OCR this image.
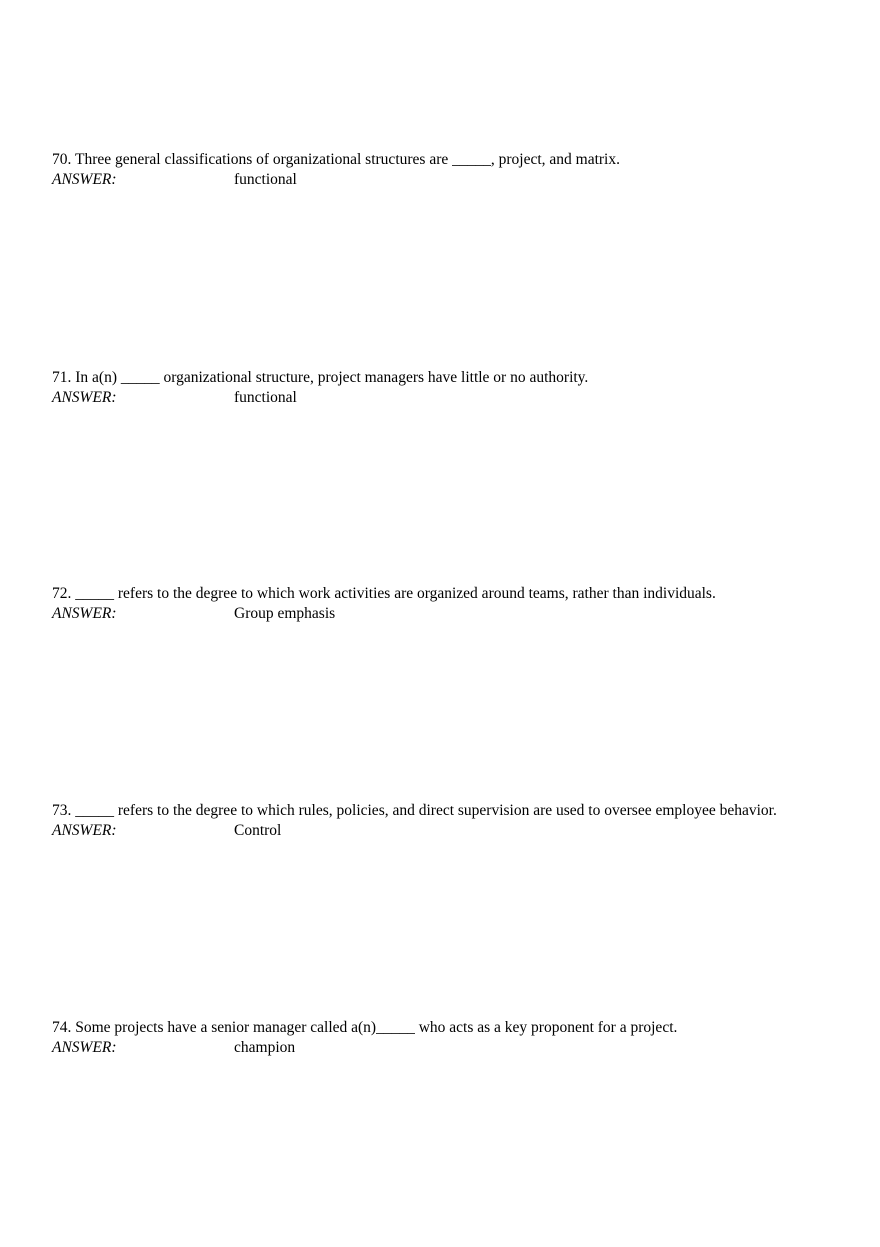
70. Three general classifications of organizational structures are _____, project, and matrix.

ANSWER:	functional

71. In a(n) _____ organizational structure, project managers have little or no authority.

ANSWER:	functional

72. _____ refers to the degree to which work activities are organized around teams, rather than individuals.

ANSWER:	Group emphasis

73. _____ refers to the degree to which rules, policies, and direct supervision are used to oversee employee behavior.

ANSWER:	Control

74. Some projects have a senior manager called a(n)_____ who acts as a key proponent for a project.

ANSWER:	champion
